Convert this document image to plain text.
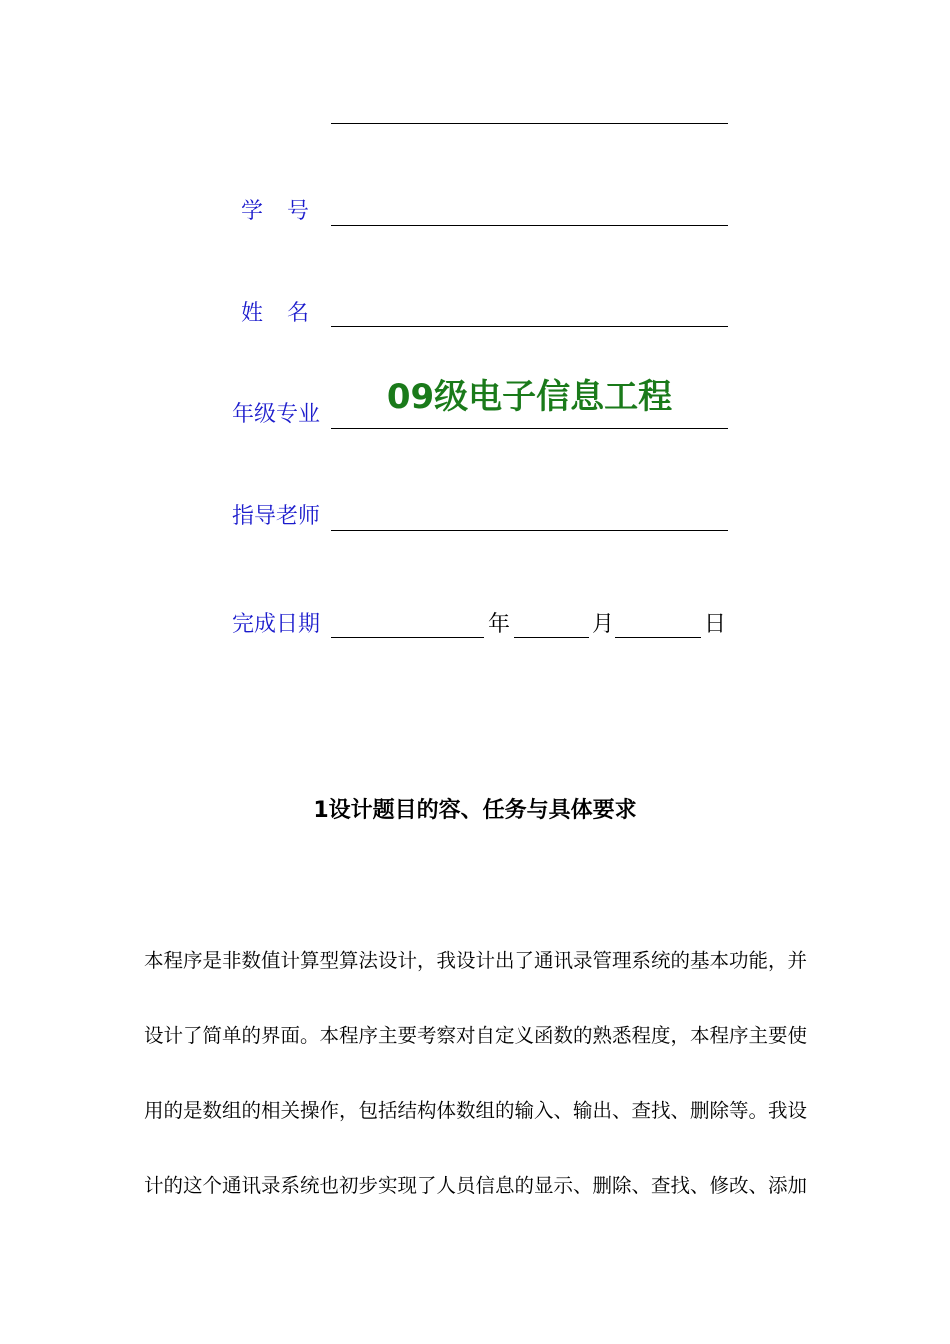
学号
姓名
年级专业	09级电子信息工程
指导老师
完成日期	年	月	日
1设计题目的容、任务与具体要求
本程序是非数值计算型算法设计，我设计出了通讯录管理系统的基本功能，并
设计了简单的界面。本程序主要考察对自定义函数的熟悉程度，本程序主要使
用的是数组的相关操作，包括结构体数组的输入、输出、查找、删除等。我设
计的这个通讯录系统也初步实现了人员信息的显示、删除、查找、修改、添加
